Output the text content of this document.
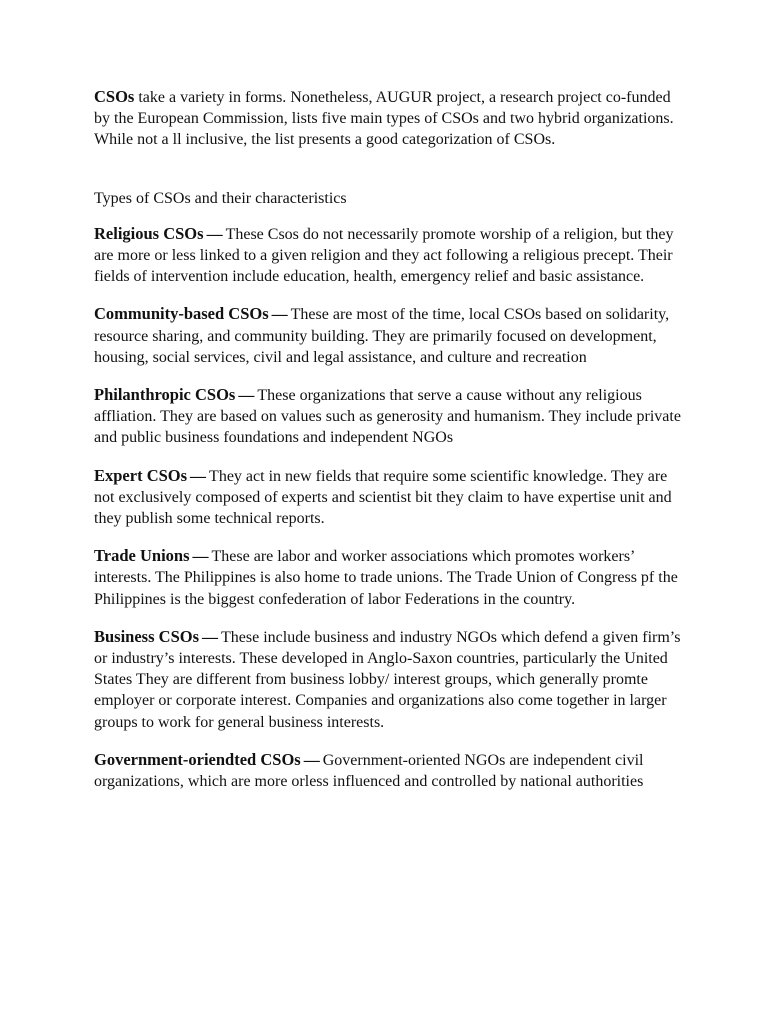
CSOs take a variety in forms. Nonetheless, AUGUR project, a research project co-funded by the European Commission, lists five main types of CSOs and two hybrid organizations. While not a ll inclusive, the list presents a good categorization of CSOs.

Types of CSOs and their characteristics

Religious CSOs — These Csos do not necessarily promote worship of a religion, but they are more or less linked to a given religion and they act following a religious precept. Their fields of intervention include education, health, emergency relief and basic assistance.

Community-based CSOs — These are most of the time, local CSOs based on solidarity, resource sharing, and community building. They are primarily focused on development, housing, social services, civil and legal assistance, and culture and recreation

Philanthropic CSOs — These organizations that serve a cause without any religious affliation. They are based on values such as generosity and humanism. They include private and public business foundations and independent NGOs

Expert CSOs — They act in new fields that require some scientific knowledge. They are not exclusively composed of experts and scientist bit they claim to have expertise unit and they publish some technical reports.

Trade Unions — These are labor and worker associations which promotes workers’ interests. The Philippines is also home to trade unions. The Trade Union of Congress pf the Philippines is the biggest confederation of labor Federations in the country.

Business CSOs — These include business and industry NGOs which defend a given firm’s or industry’s interests. These developed in Anglo-Saxon countries, particularly the United States They are different from business lobby/ interest groups, which generally promte employer or corporate interest. Companies and organizations also come together in larger groups to work for general business interests.

Government-oriendted CSOs — Government-oriented NGOs are independent civil organizations, which are more orless influenced and controlled by national authorities
